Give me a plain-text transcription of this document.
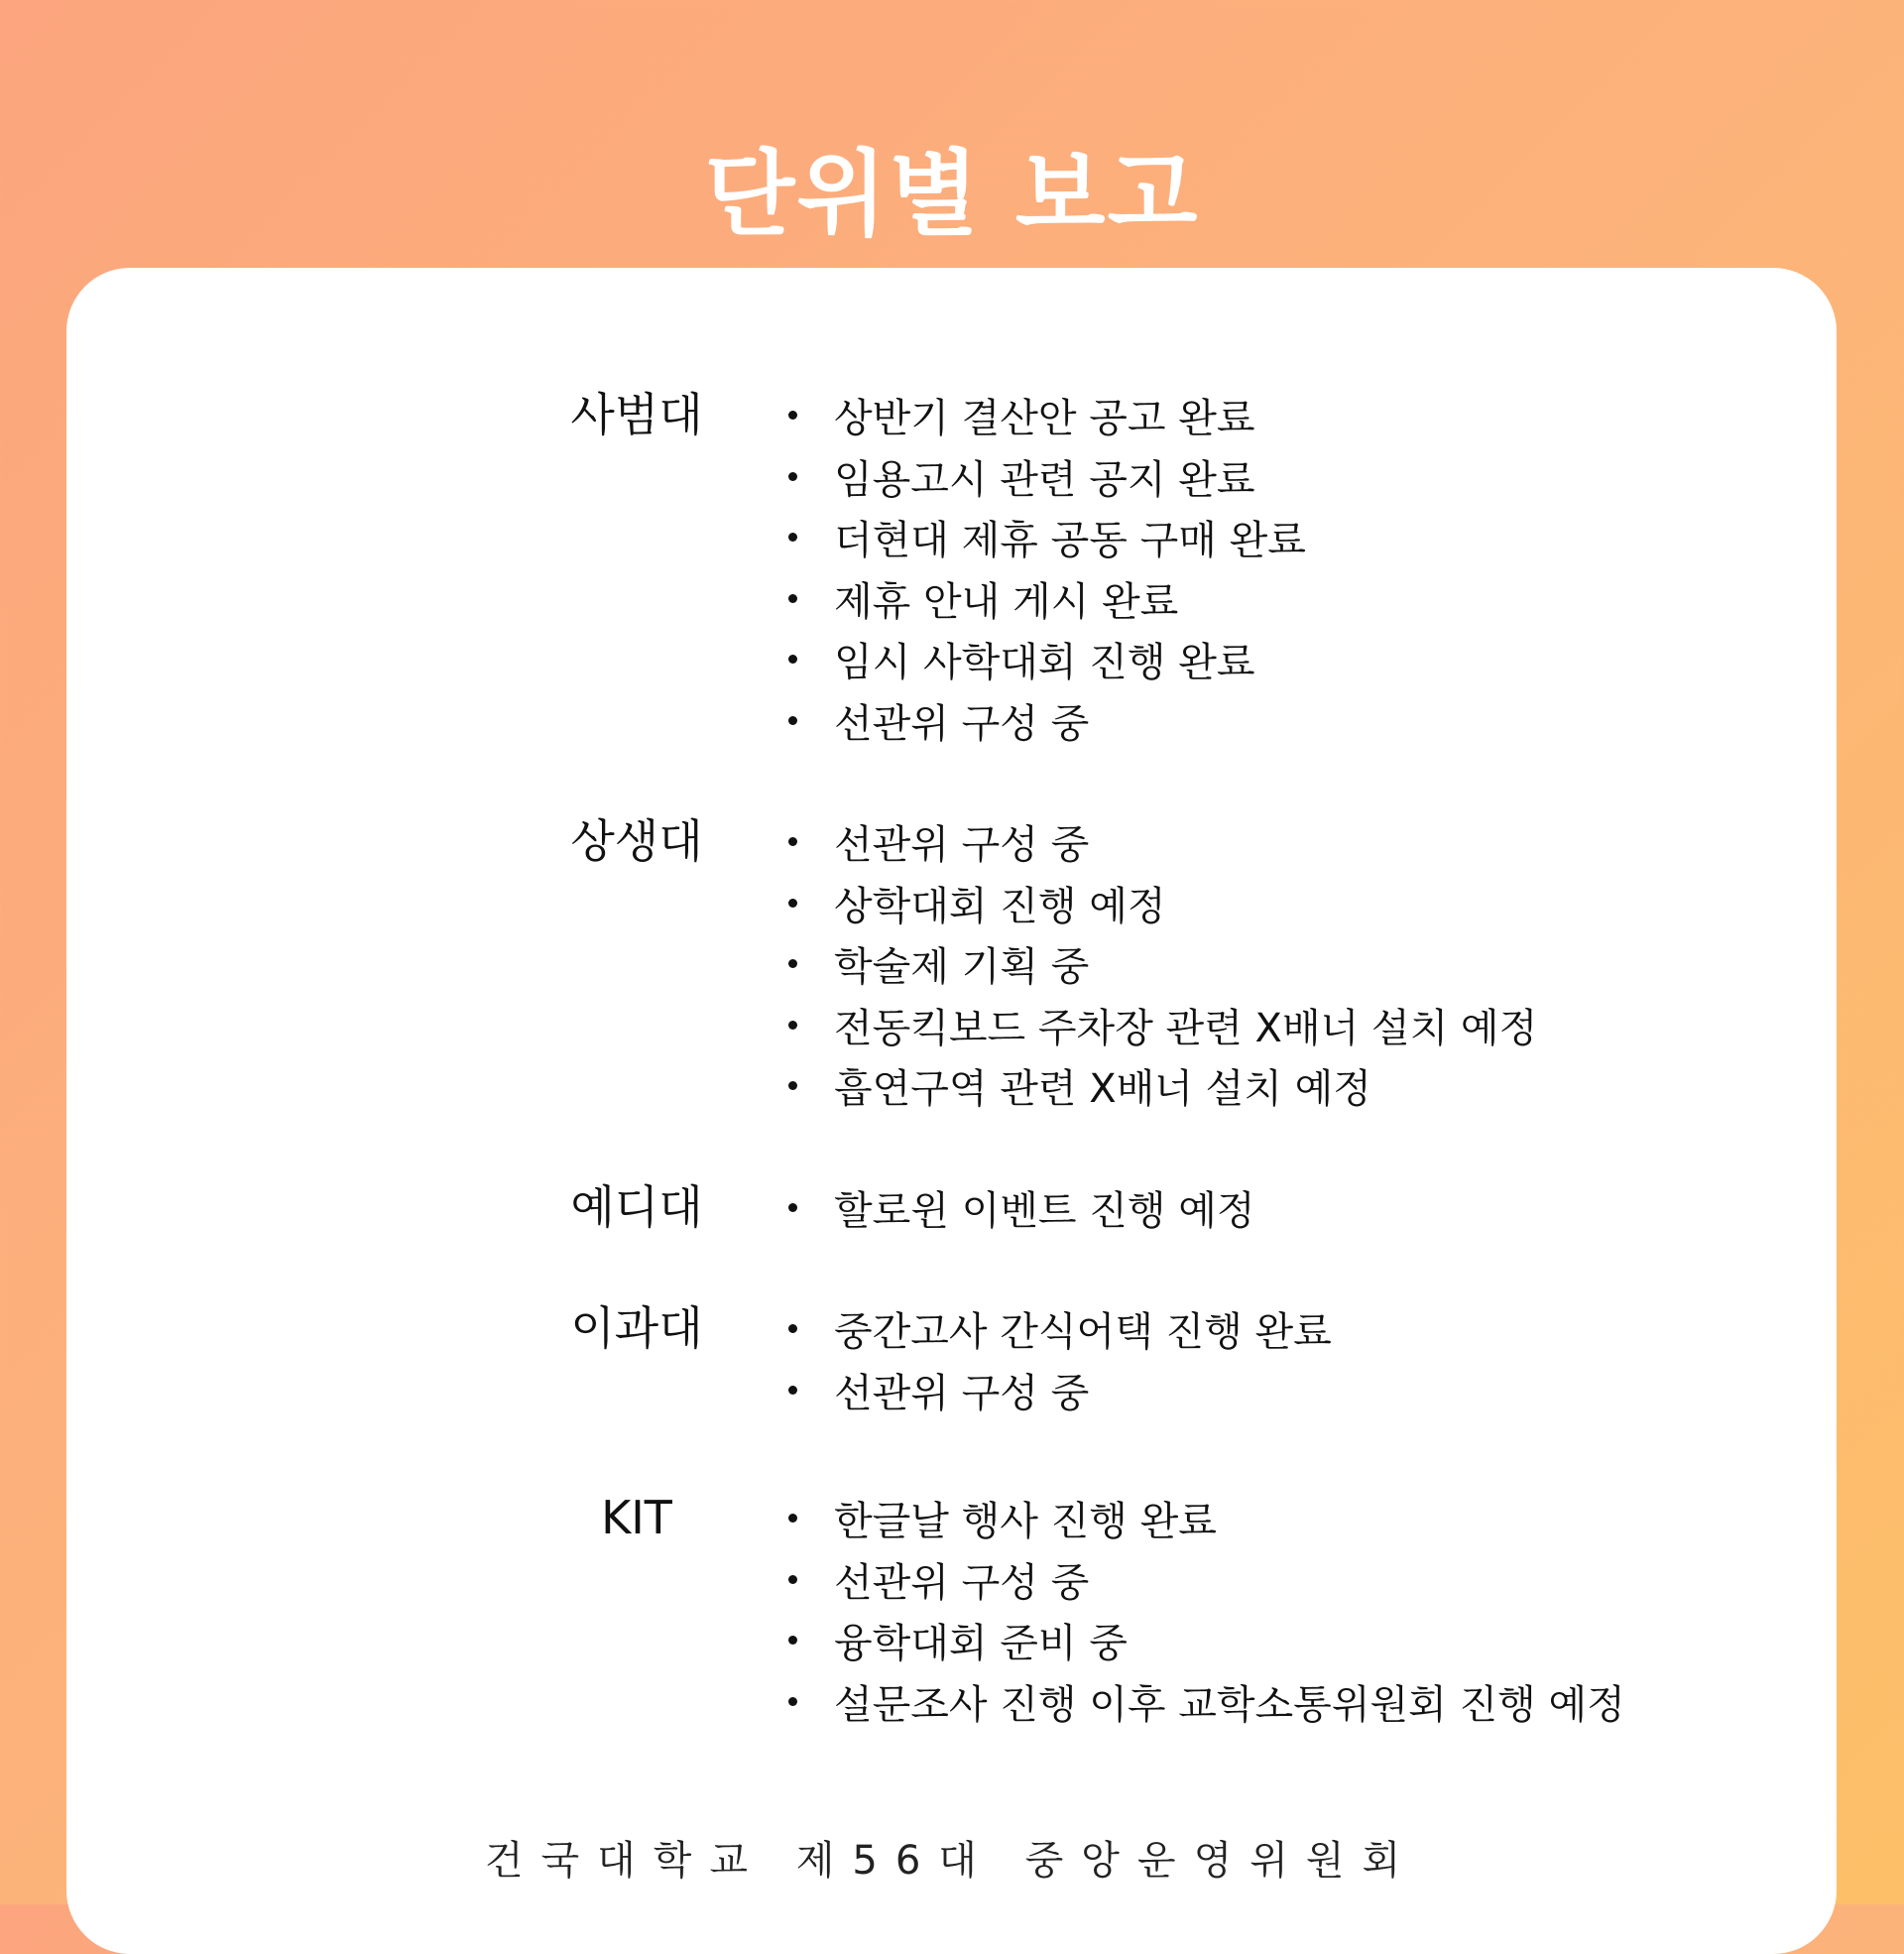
단위별 보고
사범대	상반기 결산안 공고 완료
임용고시 관련 공지 완료
더현대 제휴 공동 구매 완료
제휴 안내 게시 완료
임시 사학대회 진행 완료
선관위 구성 중
상생대	선관위 구성 중
상학대회 진행 예정
학술제 기획 중
전동킥보드 주차장 관련 X배너 설치 예정
흡연구역 관련 X배너 설치 예정
예디대	할로윈 이벤트 진행 예정
이과대	중간고사 간식어택 진행 완료
선관위 구성 중
KIT	한글날 행사 진행 완료
선관위 구성 중
융학대회 준비 중
설문조사 진행 이후 교학소통위원회 진행 예정
건국대학교 제56대 중앙운영위원회
